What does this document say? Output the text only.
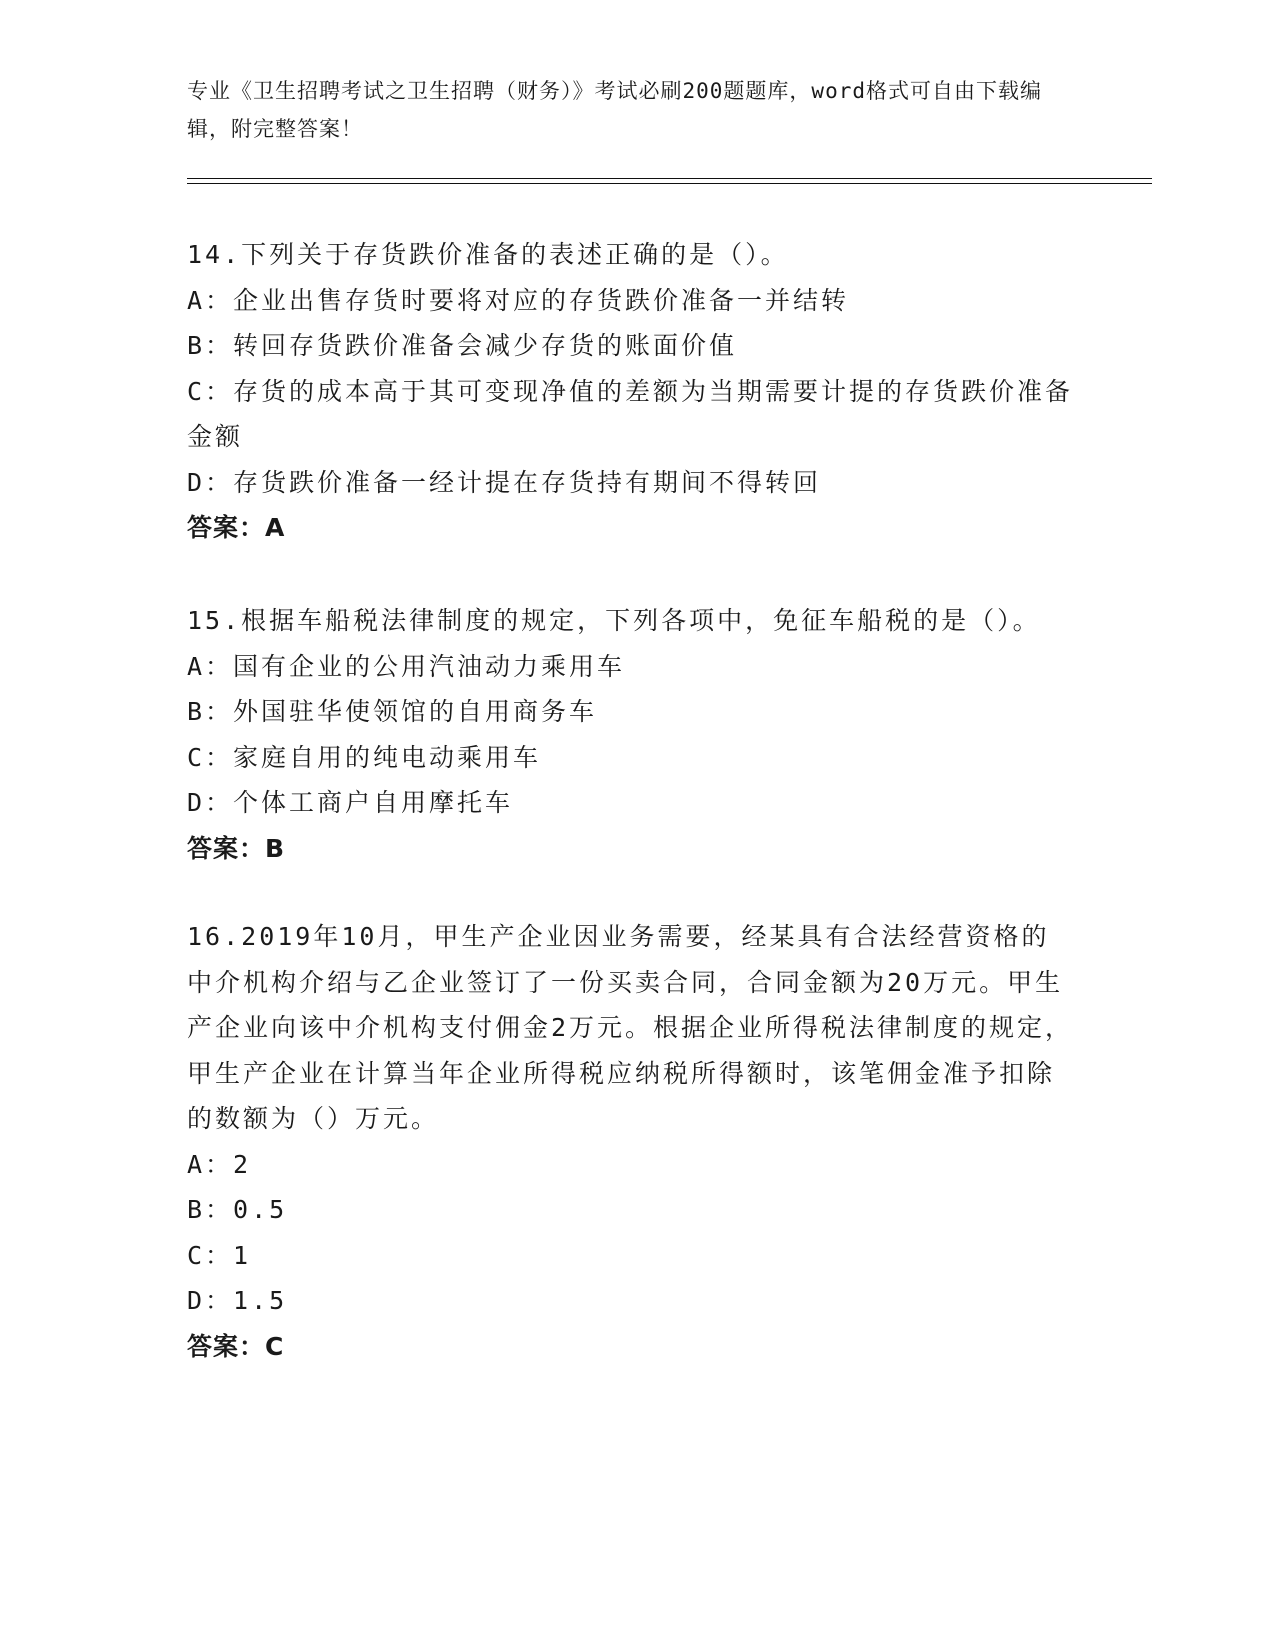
专业《卫生招聘考试之卫生招聘（财务）》考试必刷200题题库，word格式可自由下载编辑，附完整答案！

14.下列关于存货跌价准备的表述正确的是（）。

A：企业出售存货时要将对应的存货跌价准备一并结转

B：转回存货跌价准备会减少存货的账面价值

C：存货的成本高于其可变现净值的差额为当期需要计提的存货跌价准备金额

D：存货跌价准备一经计提在存货持有期间不得转回

答案：A

15.根据车船税法律制度的规定，下列各项中，免征车船税的是（）。

A：国有企业的公用汽油动力乘用车

B：外国驻华使领馆的自用商务车

C：家庭自用的纯电动乘用车

D：个体工商户自用摩托车

答案：B

16.2019年10月，甲生产企业因业务需要，经某具有合法经营资格的中介机构介绍与乙企业签订了一份买卖合同，合同金额为20万元。甲生产企业向该中介机构支付佣金2万元。根据企业所得税法律制度的规定，甲生产企业在计算当年企业所得税应纳税所得额时，该笔佣金准予扣除的数额为（）万元。

A：2

B：0.5

C：1

D：1.5

答案：C
